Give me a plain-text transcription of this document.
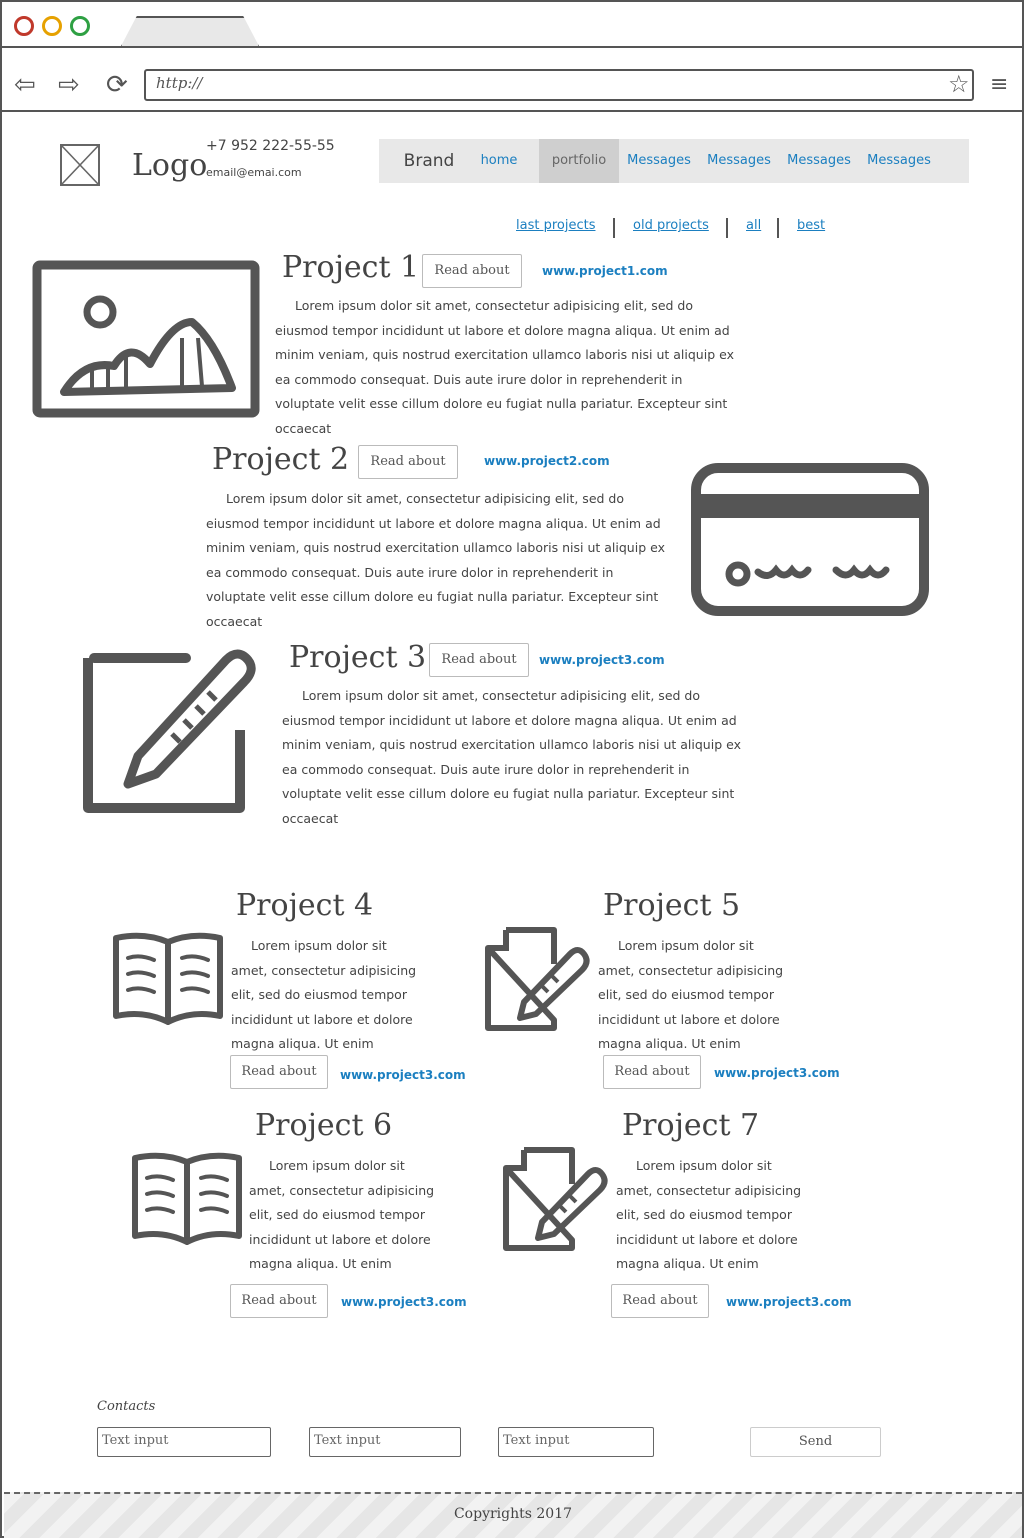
⇦ ⇨ ⟳	http://	☆ ≡
Logo
+7 952 222-55-55
email@emai.com
Brand	home	portfolio	Messages Messages Messages Messages
last projects	old projects	all	best
Project 1	Read about	www.project1.com
Lorem ipsum dolor sit amet, consectetur adipisicing elit, sed do eiusmod tempor incididunt ut labore et dolore magna aliqua. Ut enim ad minim veniam, quis nostrud exercitation ullamco laboris nisi ut aliquip ex ea commodo consequat. Duis aute irure dolor in reprehenderit in voluptate velit esse cillum dolore eu fugiat nulla pariatur. Excepteur sint occaecat
Project 2	Read about	www.project2.com
Lorem ipsum dolor sit amet, consectetur adipisicing elit, sed do eiusmod tempor incididunt ut labore et dolore magna aliqua. Ut enim ad minim veniam, quis nostrud exercitation ullamco laboris nisi ut aliquip ex ea commodo consequat. Duis aute irure dolor in reprehenderit in voluptate velit esse cillum dolore eu fugiat nulla pariatur. Excepteur sint occaecat
Project 3	Read about	www.project3.com
Lorem ipsum dolor sit amet, consectetur adipisicing elit, sed do eiusmod tempor incididunt ut labore et dolore magna aliqua. Ut enim ad minim veniam, quis nostrud exercitation ullamco laboris nisi ut aliquip ex ea commodo consequat. Duis aute irure dolor in reprehenderit in voluptate velit esse cillum dolore eu fugiat nulla pariatur. Excepteur sint occaecat
Project 4
Lorem ipsum dolor sit amet, consectetur adipisicing elit, sed do eiusmod tempor incididunt ut labore et dolore magna aliqua. Ut enim
Read about	www.project3.com
Project 5
Lorem ipsum dolor sit amet, consectetur adipisicing elit, sed do eiusmod tempor incididunt ut labore et dolore magna aliqua. Ut enim
Read about	www.project3.com
Project 6
Lorem ipsum dolor sit amet, consectetur adipisicing elit, sed do eiusmod tempor incididunt ut labore et dolore magna aliqua. Ut enim
Read about	www.project3.com
Project 7
Lorem ipsum dolor sit amet, consectetur adipisicing elit, sed do eiusmod tempor incididunt ut labore et dolore magna aliqua. Ut enim
Read about	www.project3.com
Contacts
Text input	Text input	Text input	Send
Copyrights 2017
